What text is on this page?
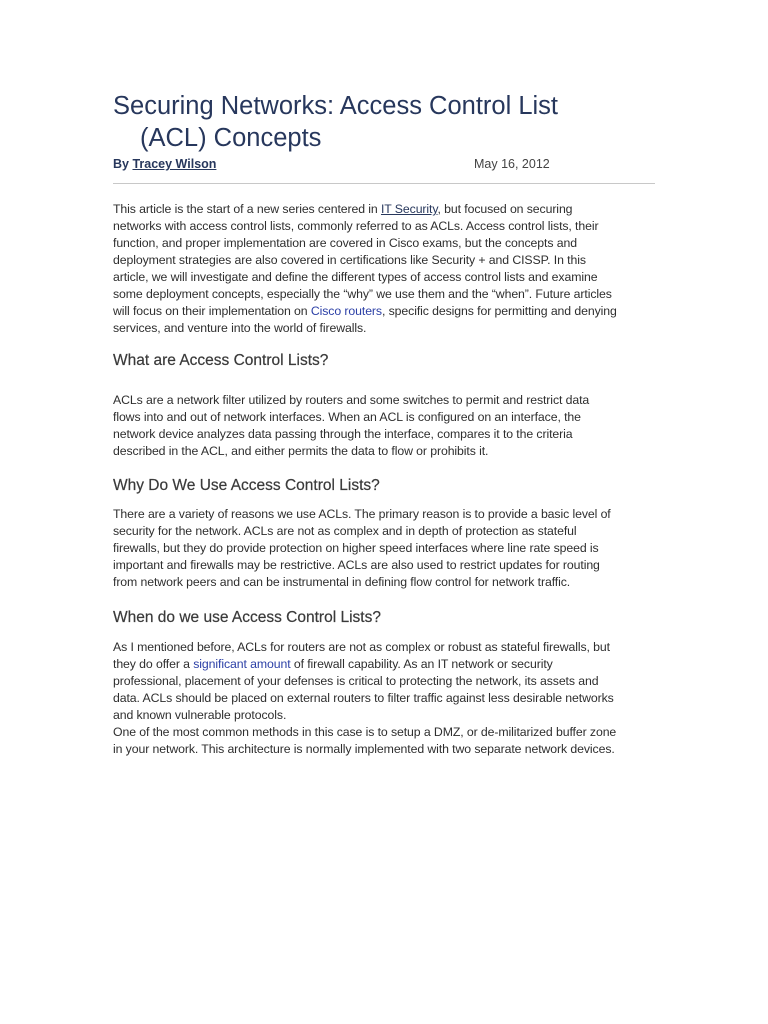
Securing Networks: Access Control List
(ACL) Concepts
By Tracey Wilson	May 16, 2012

This article is the start of a new series centered in IT Security, but focused on securing
networks with access control lists, commonly referred to as ACLs. Access control lists, their
function, and proper implementation are covered in Cisco exams, but the concepts and
deployment strategies are also covered in certifications like Security + and CISSP. In this
article, we will investigate and define the different types of access control lists and examine
some deployment concepts, especially the “why” we use them and the “when”. Future articles
will focus on their implementation on Cisco routers, specific designs for permitting and denying
services, and venture into the world of firewalls.

What are Access Control Lists?

ACLs are a network filter utilized by routers and some switches to permit and restrict data
flows into and out of network interfaces. When an ACL is configured on an interface, the
network device analyzes data passing through the interface, compares it to the criteria
described in the ACL, and either permits the data to flow or prohibits it.

Why Do We Use Access Control Lists?

There are a variety of reasons we use ACLs. The primary reason is to provide a basic level of
security for the network. ACLs are not as complex and in depth of protection as stateful
firewalls, but they do provide protection on higher speed interfaces where line rate speed is
important and firewalls may be restrictive. ACLs are also used to restrict updates for routing
from network peers and can be instrumental in defining flow control for network traffic.

When do we use Access Control Lists?

As I mentioned before, ACLs for routers are not as complex or robust as stateful firewalls, but
they do offer a significant amount of firewall capability. As an IT network or security
professional, placement of your defenses is critical to protecting the network, its assets and
data. ACLs should be placed on external routers to filter traffic against less desirable networks
and known vulnerable protocols.
One of the most common methods in this case is to setup a DMZ, or de-militarized buffer zone
in your network. This architecture is normally implemented with two separate network devices.
